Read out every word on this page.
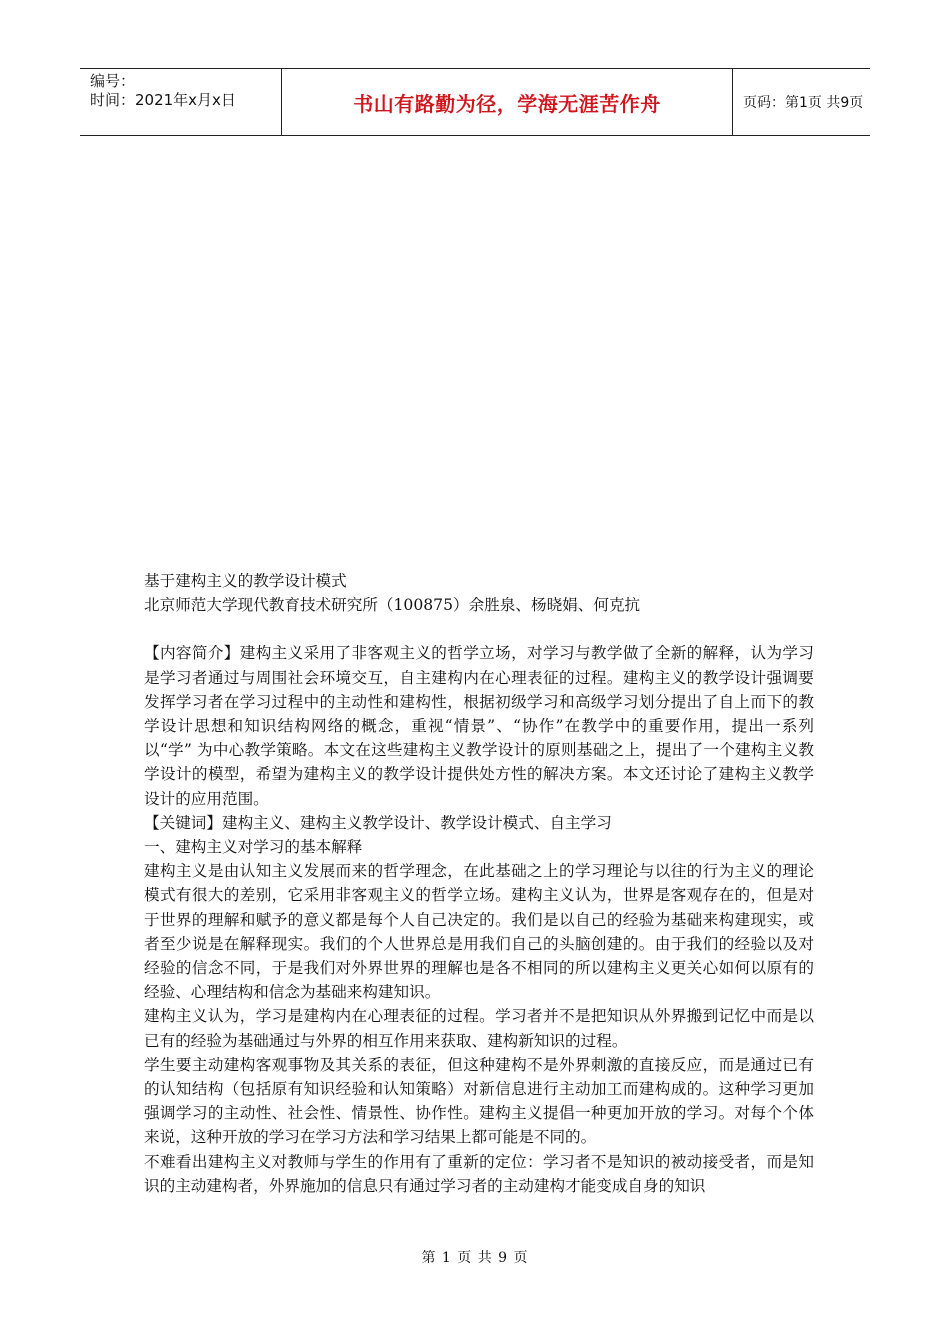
编号：
时间：2021年x月x日	书山有路勤为径，学海无涯苦作舟	页码：第1页 共9页

基于建构主义的教学设计模式

北京师范大学现代教育技术研究所（100875）余胜泉、杨晓娟、何克抗

【内容简介】建构主义采用了非客观主义的哲学立场，对学习与教学做了全新的解释，认为学习是学习者通过与周围社会环境交互，自主建构内在心理表征的过程。建构主义的教学设计强调要发挥学习者在学习过程中的主动性和建构性，根据初级学习和高级学习划分提出了自上而下的教学设计思想和知识结构网络的概念，重视“情景”、“协作”在教学中的重要作用，提出一系列以“学” 为中心教学策略。本文在这些建构主义教学设计的原则基础之上，提出了一个建构主义教学设计的模型，希望为建构主义的教学设计提供处方性的解决方案。本文还讨论了建构主义教学设计的应用范围。

【关键词】建构主义、建构主义教学设计、教学设计模式、自主学习

一、建构主义对学习的基本解释

建构主义是由认知主义发展而来的哲学理念，在此基础之上的学习理论与以往的行为主义的理论模式有很大的差别，它采用非客观主义的哲学立场。建构主义认为，世界是客观存在的，但是对于世界的理解和赋予的意义都是每个人自己决定的。我们是以自己的经验为基础来构建现实，或者至少说是在解释现实。我们的个人世界总是用我们自己的头脑创建的。由于我们的经验以及对经验的信念不同，于是我们对外界世界的理解也是各不相同的所以建构主义更关心如何以原有的经验、心理结构和信念为基础来构建知识。

建构主义认为，学习是建构内在心理表征的过程。学习者并不是把知识从外界搬到记忆中而是以已有的经验为基础通过与外界的相互作用来获取、建构新知识的过程。

学生要主动建构客观事物及其关系的表征，但这种建构不是外界刺激的直接反应，而是通过已有的认知结构（包括原有知识经验和认知策略）对新信息进行主动加工而建构成的。这种学习更加强调学习的主动性、社会性、情景性、协作性。建构主义提倡一种更加开放的学习。对每个个体来说，这种开放的学习在学习方法和学习结果上都可能是不同的。

不难看出建构主义对教师与学生的作用有了重新的定位：学习者不是知识的被动接受者，而是知识的主动建构者，外界施加的信息只有通过学习者的主动建构才能变成自身的知识

第 1 页 共 9 页
